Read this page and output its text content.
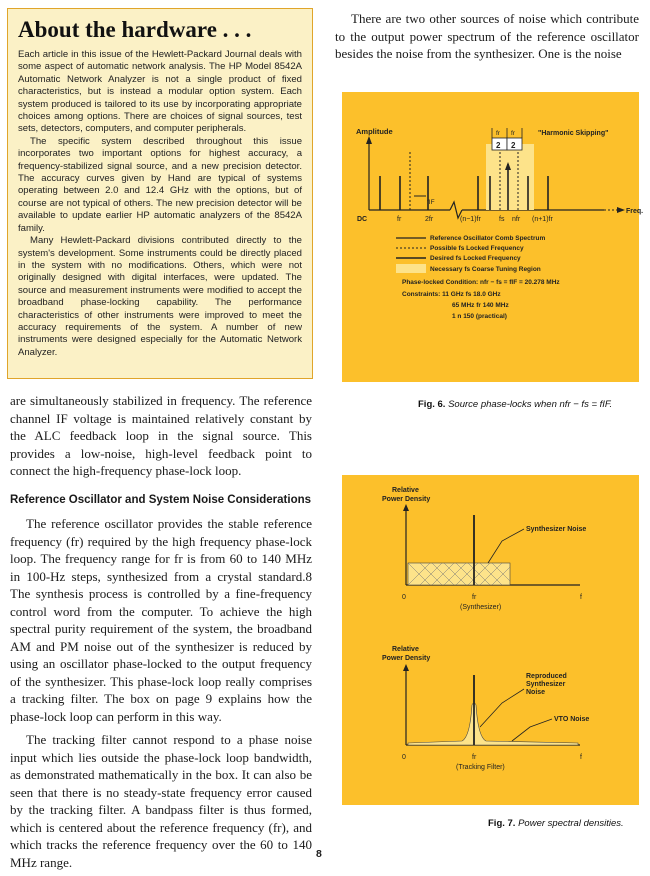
About the hardware . . .

Each article in this issue of the Hewlett-Packard Journal deals with some aspect of automatic network analysis. The HP Model 8542A Automatic Network Analyzer is not a single product of fixed characteristics, but is instead a modular option system. Each system produced is tailored to its use by incorporating appropriate choices among options. There are choices of signal sources, test sets, detectors, computers, and computer peripherals.

The specific system described throughout this issue incorporates two important options for highest accuracy, a frequency-stabilized signal source, and a new precision detector. The accuracy curves given by Hand are typical of systems operating between 2.0 and 12.4 GHz with the options, but of course are not typical of others. The new precision detector will be available to update earlier HP automatic analyzers of the 8542A family.

Many Hewlett-Packard divisions contributed directly to the system's development. Some instruments could be directly placed in the system with no modifications. Others, which were not originally designed with digital interfaces, were updated. The source and measurement instruments were modified to accept the broadband phase-locking capability. The performance characteristics of other instruments were improved to meet the accuracy requirements of the system. A number of new instruments were designed especially for the Automatic Network Analyzer.

There are two other sources of noise which contribute to the output power spectrum of the reference oscillator besides the noise from the synthesizer. One is the noise

are simultaneously stabilized in frequency. The reference channel IF voltage is maintained relatively constant by the ALC feedback loop in the signal source. This provides a low-noise, high-level feedback point to connect the high-frequency phase-lock loop.

Reference Oscillator and System Noise Considerations

The reference oscillator provides the stable reference frequency (fr) required by the high frequency phase-lock loop. The frequency range for fr is from 60 to 140 MHz in 100-Hz steps, synthesized from a crystal standard.8 The synthesis process is controlled by a fine-frequency control word from the computer. To achieve the high spectral purity requirement of the system, the broadband AM and PM noise out of the synthesizer is reduced by using an oscillator phase-locked to the output frequency of the synthesizer. This phase-lock loop really comprises a tracking filter. The box on page 9 explains how the phase-lock loop can perform in this way.

The tracking filter cannot respond to a phase noise input which lies outside the phase-lock loop bandwidth, as demonstrated mathematically in the box. It can also be seen that there is no steady-state frequency error caused by the tracking filter. A bandpass filter is thus formed, which is centered about the reference frequency (fr), and which tracks the reference frequency over the 60 to 140 MHz range.

Amplitude
Freq.
fIF
fr fr
2 2
"Harmonic Skipping"
DC	fr	2fr	(n−1)fr	fs nfr (n+1)fr
Reference Oscillator Comb Spectrum
Possible fs Locked Frequency
Desired fs Locked Frequency
Necessary fs Coarse Tuning Region
Phase-locked Condition: nfr − fs = fIF = 20.278 MHz
Constraints: 11 GHz fs 18.0 GHz
65 MHz fr 140 MHz
1 n 150 (practical)
Fig. 6. Source phase-locks when nfr − fs = fIF.
Relative
Power Density
Synthesizer Noise
0	fr	f
(Synthesizer)
Relative
Power Density
Reproduced
Synthesizer
Noise
VTO Noise
0	fr	f
(Tracking Filter)
Fig. 7. Power spectral densities.
8
